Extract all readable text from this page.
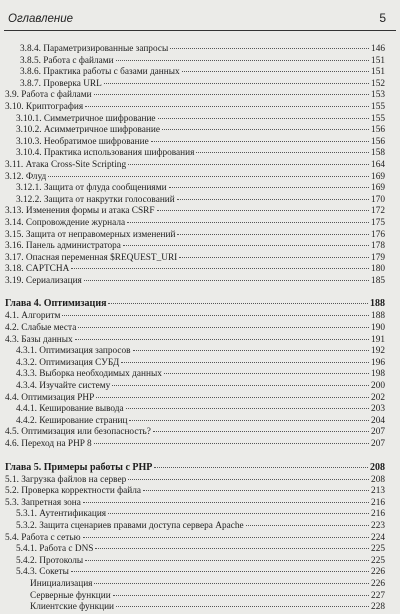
Оглавление	5
3.8.4. Параметризированные запросы	146
3.8.5. Работа с файлами	151
3.8.6. Практика работы с базами данных	151
3.8.7. Проверка URL	152
3.9. Работа с файлами	153
3.10. Криптография	155
3.10.1. Симметричное шифрование	155
3.10.2. Асимметричное шифрование	156
3.10.3. Необратимое шифрование	156
3.10.4. Практика использования шифрования	158
3.11. Атака Cross-Site Scripting	164
3.12. Флуд	169
3.12.1. Защита от флуда сообщениями	169
3.12.2. Защита от накрутки голосований	170
3.13. Изменения формы и атака CSRF	172
3.14. Сопровождение журнала	175
3.15. Защита от неправомерных изменений	176
3.16. Панель администратора	178
3.17. Опасная переменная $REQUEST_URI	179
3.18. CAPTCHA	180
3.19. Сериализация	185
Глава 4. Оптимизация	188
4.1. Алгоритм	188
4.2. Слабые места	190
4.3. Базы данных	191
4.3.1. Оптимизация запросов	192
4.3.2. Оптимизация СУБД	196
4.3.3. Выборка необходимых данных	198
4.3.4. Изучайте систему	200
4.4. Оптимизация PHP	202
4.4.1. Кеширование вывода	203
4.4.2. Кеширование страниц	204
4.5. Оптимизация или безопасность?	207
4.6. Переход на PHP 8	207
Глава 5. Примеры работы с PHP	208
5.1. Загрузка файлов на сервер	208
5.2. Проверка корректности файла	213
5.3. Запретная зона	216
5.3.1. Аутентификация	216
5.3.2. Защита сценариев правами доступа сервера Apache	223
5.4. Работа с сетью	224
5.4.1. Работа с DNS	225
5.4.2. Протоколы	225
5.4.3. Сокеты	226
Инициализация	226
Серверные функции	227
Клиентские функции	228
